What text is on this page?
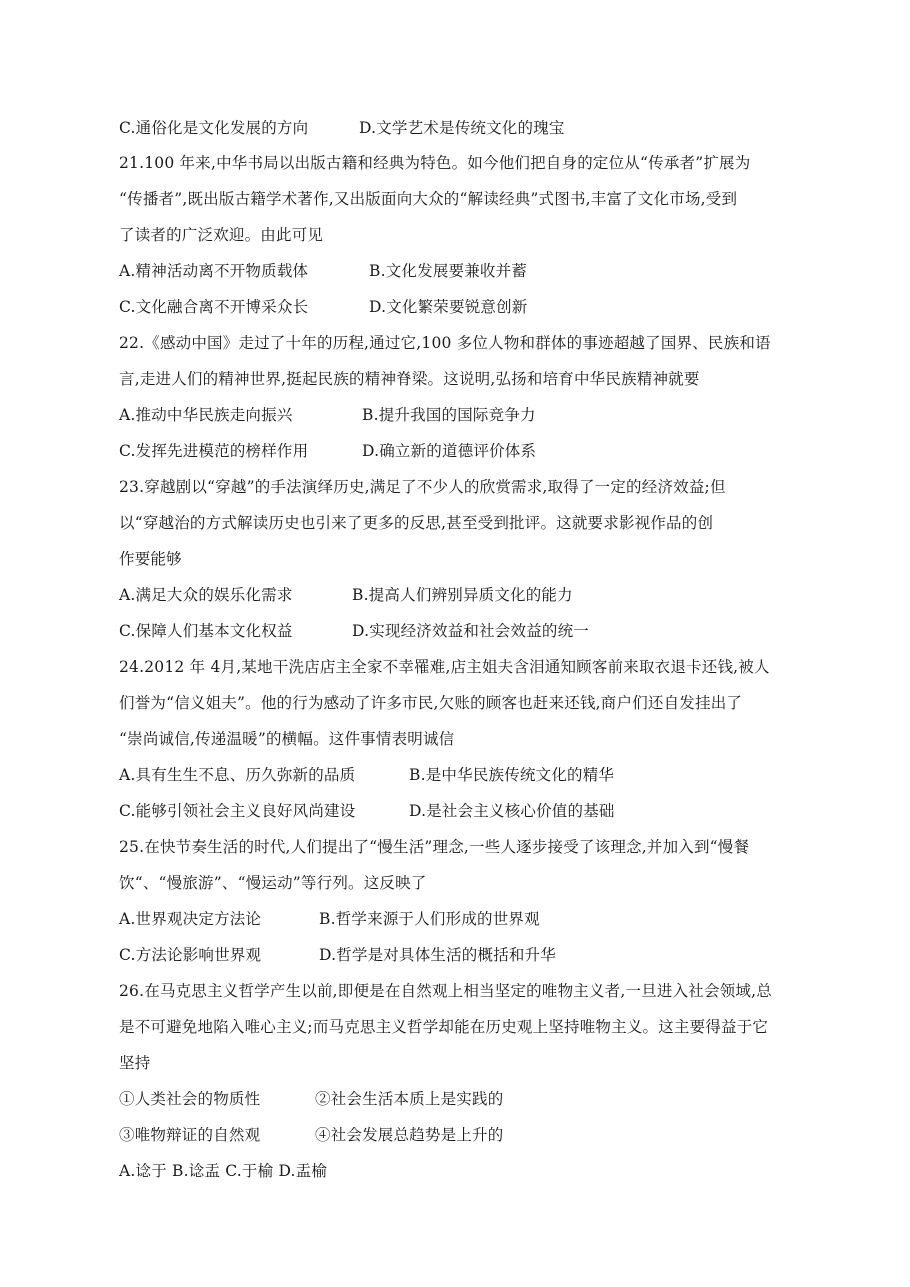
C.通俗化是文化发展的方向	D.文学艺术是传统文化的瑰宝
21.100 年来,中华书局以出版古籍和经典为特色。如今他们把自身的定位从“传承者”扩展为
“传播者”,既出版古籍学术著作,又出版面向大众的“解读经典”式图书,丰富了文化市场,受到
了读者的广泛欢迎。由此可见
A.精神活动离不开物质载体	B.文化发展要兼收并蓄
C.文化融合离不开博采众长	D.文化繁荣要锐意创新
22.《感动中国》走过了十年的历程,通过它,100 多位人物和群体的事迹超越了国界、民族和语
言,走进人们的精神世界,挺起民族的精神脊梁。这说明,弘扬和培育中华民族精神就要
A.推动中华民族走向振兴	B.提升我国的国际竞争力
C.发挥先进模范的榜样作用	D.确立新的道德评价体系
23.穿越剧以“穿越”的手法演绎历史,满足了不少人的欣赏需求,取得了一定的经济效益;但
以“穿越治的方式解读历史也引来了更多的反思,甚至受到批评。这就要求影视作品的创
作要能够
A.满足大众的娱乐化需求	B.提高人们辨别异质文化的能力
C.保障人们基本文化权益	D.实现经济效益和社会效益的统一
24.2012 年 4月,某地干洗店店主全家不幸罹难,店主姐夫含泪通知顾客前来取衣退卡还钱,被人
们誉为“信义姐夫”。他的行为感动了许多市民,欠账的顾客也赶来还钱,商户们还自发挂出了
“崇尚诚信,传递温暖”的横幅。这件事情表明诚信
A.具有生生不息、历久弥新的品质	B.是中华民族传统文化的精华
C.能够引领社会主义良好风尚建设	D.是社会主义核心价值的基础
25.在快节奏生活的时代,人们提出了“慢生活”理念,一些人逐步接受了该理念,并加入到“慢餐
饮“、“慢旅游”、“慢运动”等行列。这反映了
A.世界观决定方法论	B.哲学来源于人们形成的世界观
C.方法论影响世界观	D.哲学是对具体生活的概括和升华
26.在马克思主义哲学产生以前,即便是在自然观上相当坚定的唯物主义者,一旦进入社会领域,总
是不可避免地陷入唯心主义;而马克思主义哲学却能在历史观上坚持唯物主义。这主要得益于它
坚持
①人类社会的物质性	②社会生活本质上是实践的
③唯物辩证的自然观	④社会发展总趋势是上升的
A.谂于 B.谂盂 C.于榆 D.盂榆
